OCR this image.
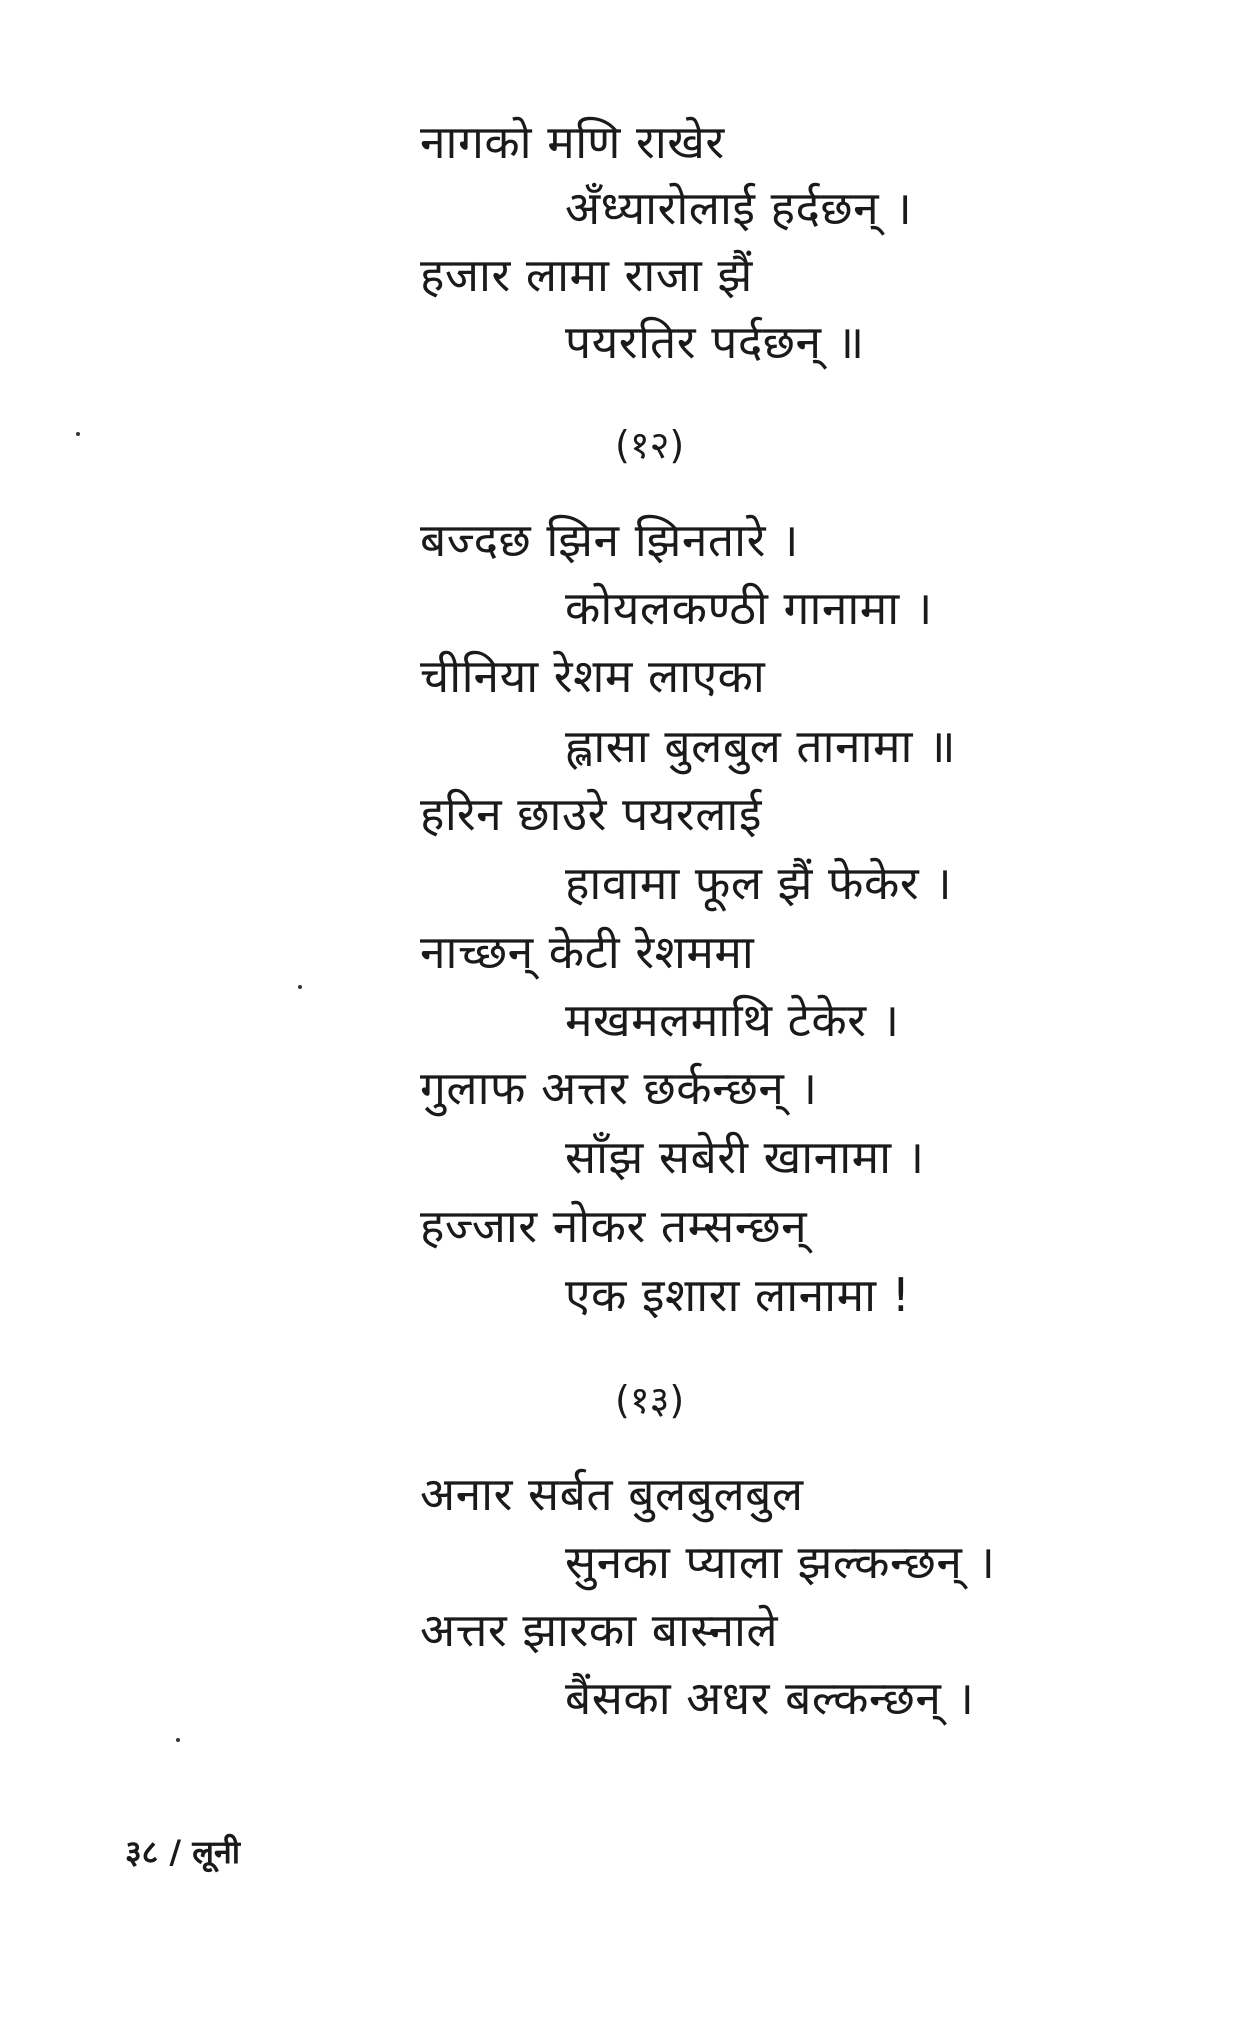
नागको मणि राखेर
अँध्यारोलाई हर्दछन् ।
हजार लामा राजा झैं
पयरतिर पर्दछन् ॥
(१२)
बज्दछ झिन झिनतारे ।
कोयलकण्ठी गानामा ।
चीनिया रेशम लाएका
ह्लासा बुलबुल तानामा ॥
हरिन छाउरे पयरलाई
हावामा फूल झैं फेकेर ।
नाच्छन् केटी रेशममा
मखमलमाथि टेकेर ।
गुलाफ अत्तर छर्कन्छन् ।
साँझ सबेरी खानामा ।
हज्जार नोकर तम्सन्छन्
एक इशारा लानामा !
(१३)
अनार सर्बत बुलबुलबुल
सुनका प्याला झल्कन्छन् ।
अत्तर झारका बास्नाले
बैंसका अधर बल्कन्छन् ।
३८ / लूनी
